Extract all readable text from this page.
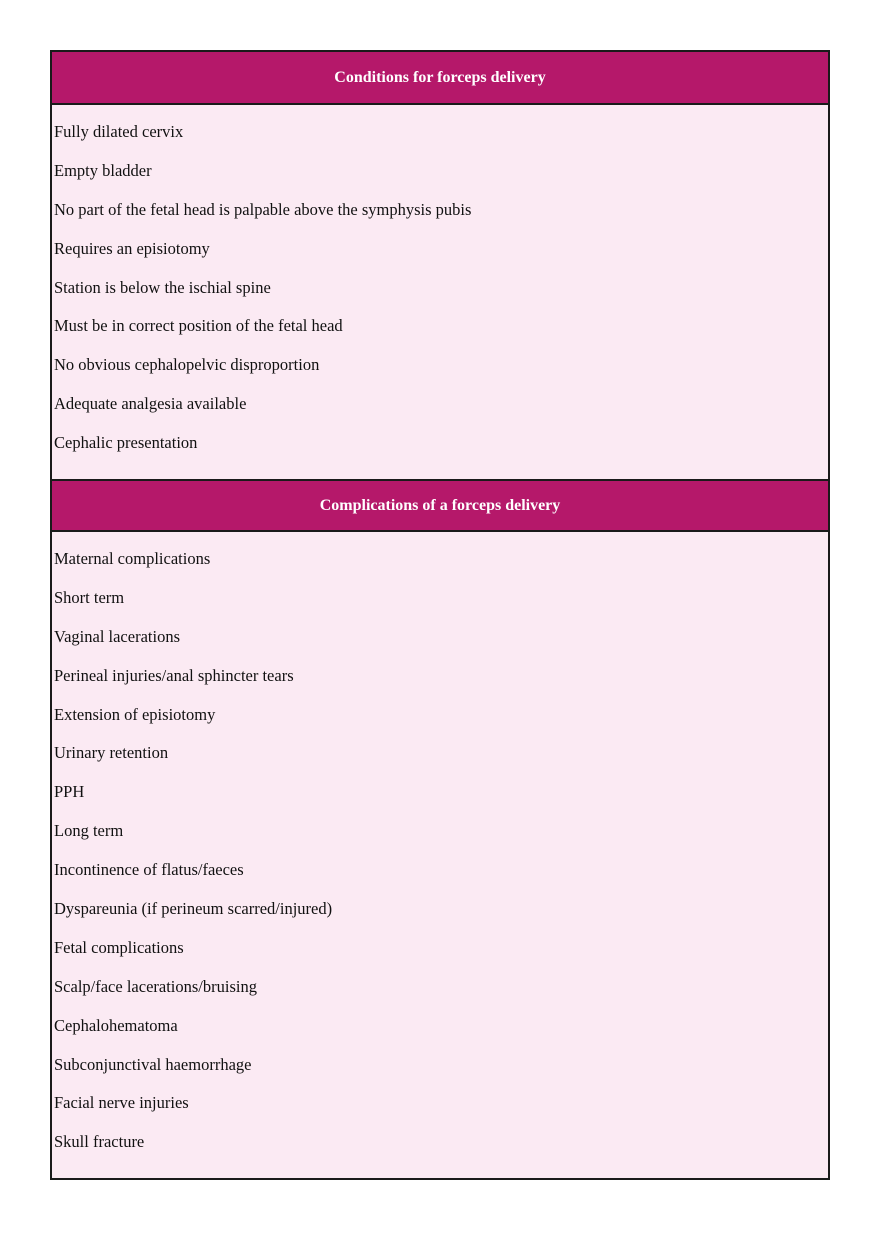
Conditions for forceps delivery
Fully dilated cervix
Empty bladder
No part of the fetal head is palpable above the symphysis pubis
Requires an episiotomy
Station is below the ischial spine
Must be in correct position of the fetal head
No obvious cephalopelvic disproportion
Adequate analgesia available
Cephalic presentation
Complications of a forceps delivery
Maternal complications
Short term
Vaginal lacerations
Perineal injuries/anal sphincter tears
Extension of episiotomy
Urinary retention
PPH
Long term
Incontinence of flatus/faeces
Dyspareunia (if perineum scarred/injured)
Fetal complications
Scalp/face lacerations/bruising
Cephalohematoma
Subconjunctival haemorrhage
Facial nerve injuries
Skull fracture
